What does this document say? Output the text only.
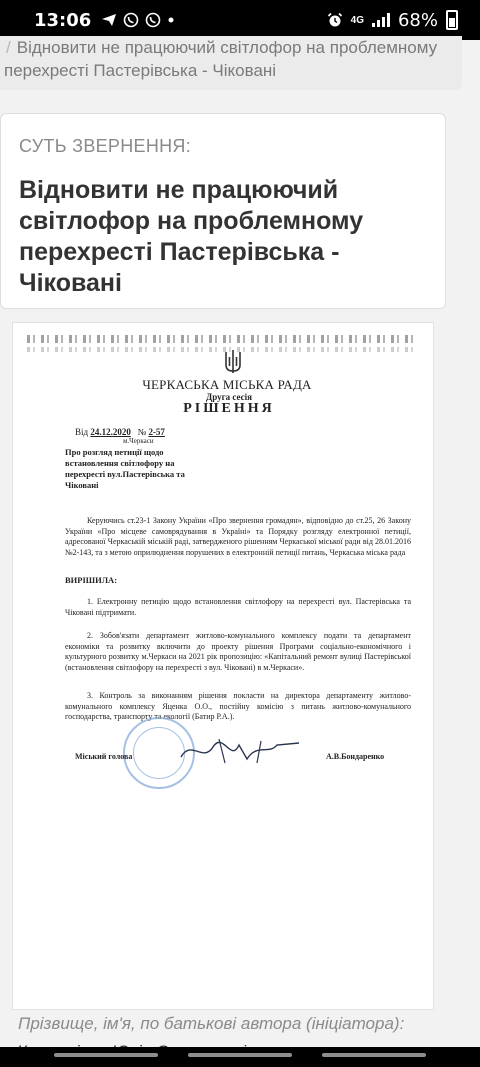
13:06	4G 68%
/ Відновити не працюючий світлофор на проблемному
перехресті Пастерівська - Чіковані
СУТЬ ЗВЕРНЕННЯ:
Відновити не працюючий світлофор на проблемному перехресті Пастерівська - Чіковані
ЧЕРКАСЬКА МІСЬКА РАДА
Друга сесія
РІШЕННЯ
Від 24.12.2020 № 2-57
м.Черкаси
Про розгляд петиції щодо встановлення світлофору на перехресті вул.Пастерівська та Чіковані
Керуючись ст.23-1 Закону України «Про звернення громадян», відповідно до ст.25, 26 Закону України «Про місцеве самоврядування в Україні» та Порядку розгляду електронної петиції, адресованої Черкаській міській раді, затвердженого рішенням Черкаської міської ради від 28.01.2016 №2-143, та з метою оприлюднення порушених в електронній петиції питань, Черкаська міська рада
ВИРІШИЛА:
1. Електронну петицію щодо встановлення світлофору на перехресті вул. Пастерівська та Чіковані підтримати.
2. Зобов'язати департамент житлово-комунального комплексу подати та департамент економіки та розвитку включити до проекту рішення Програми соціально-економічного і культурного розвитку м.Черкаси на 2021 рік пропозицію: «Капітальний ремонт вулиці Пастерівської (встановлення світлофору на перехресті з вул. Чіковані) в м.Черкаси».
3. Контроль за виконанням рішення покласти на директора департаменту житлово-комунального комплексу Яценка О.О., постійну комісію з питань житлово-комунального господарства, транспорту та екології (Батир Р.А.).
Міський голова	А.В.Бондаренко
Прізвище, ім'я, по батькові автора (ініціатора):
